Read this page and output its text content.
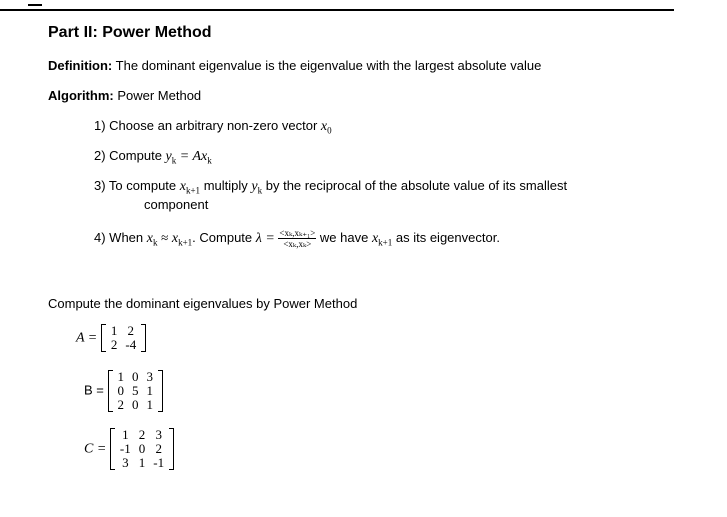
Part II: Power Method
Definition: The dominant eigenvalue is the eigenvalue with the largest absolute value
Algorithm: Power Method
1) Choose an arbitrary non-zero vector $x_0$
2) Compute $y_k = Ax_k$
3) To compute $x_{k+1}$ multiply $y_k$ by the reciprocal of the absolute value of its smallest
component
4) When $x_k \approx x_{k+1}$. Compute $\lambda = \frac{\text{<xₖ,xₖ₊₁>}}{\text{<xₖ,xₖ>}}$ we have $x_{k+1}$ as its eigenvector.
Compute the dominant eigenvalues by Power Method
A = 1	2
2	-4
B =
1	0	3
0	5	1
2	0	1
C =
1	2	3
-1	0	2
3	1	-1
